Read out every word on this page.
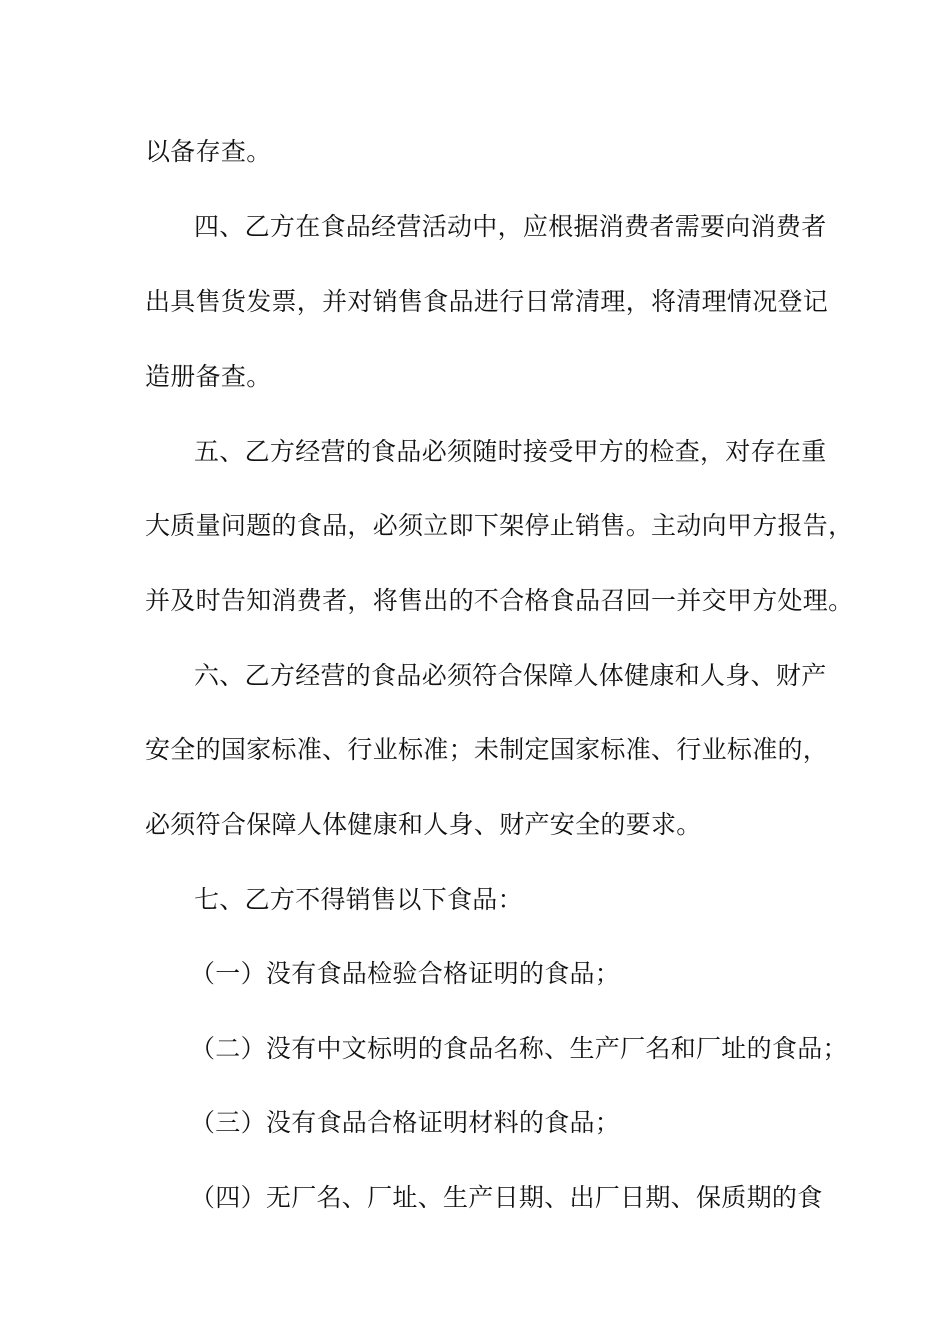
以备存查。
四、乙方在食品经营活动中，应根据消费者需要向消费者
出具售货发票，并对销售食品进行日常清理，将清理情况登记
造册备查。
五、乙方经营的食品必须随时接受甲方的检查，对存在重
大质量问题的食品，必须立即下架停止销售。主动向甲方报告，
并及时告知消费者，将售出的不合格食品召回一并交甲方处理。
六、乙方经营的食品必须符合保障人体健康和人身、财产
安全的国家标准、行业标准；未制定国家标准、行业标准的，
必须符合保障人体健康和人身、财产安全的要求。
七、乙方不得销售以下食品：
（一）没有食品检验合格证明的食品；
（二）没有中文标明的食品名称、生产厂名和厂址的食品；
（三）没有食品合格证明材料的食品；
（四）无厂名、厂址、生产日期、出厂日期、保质期的食
